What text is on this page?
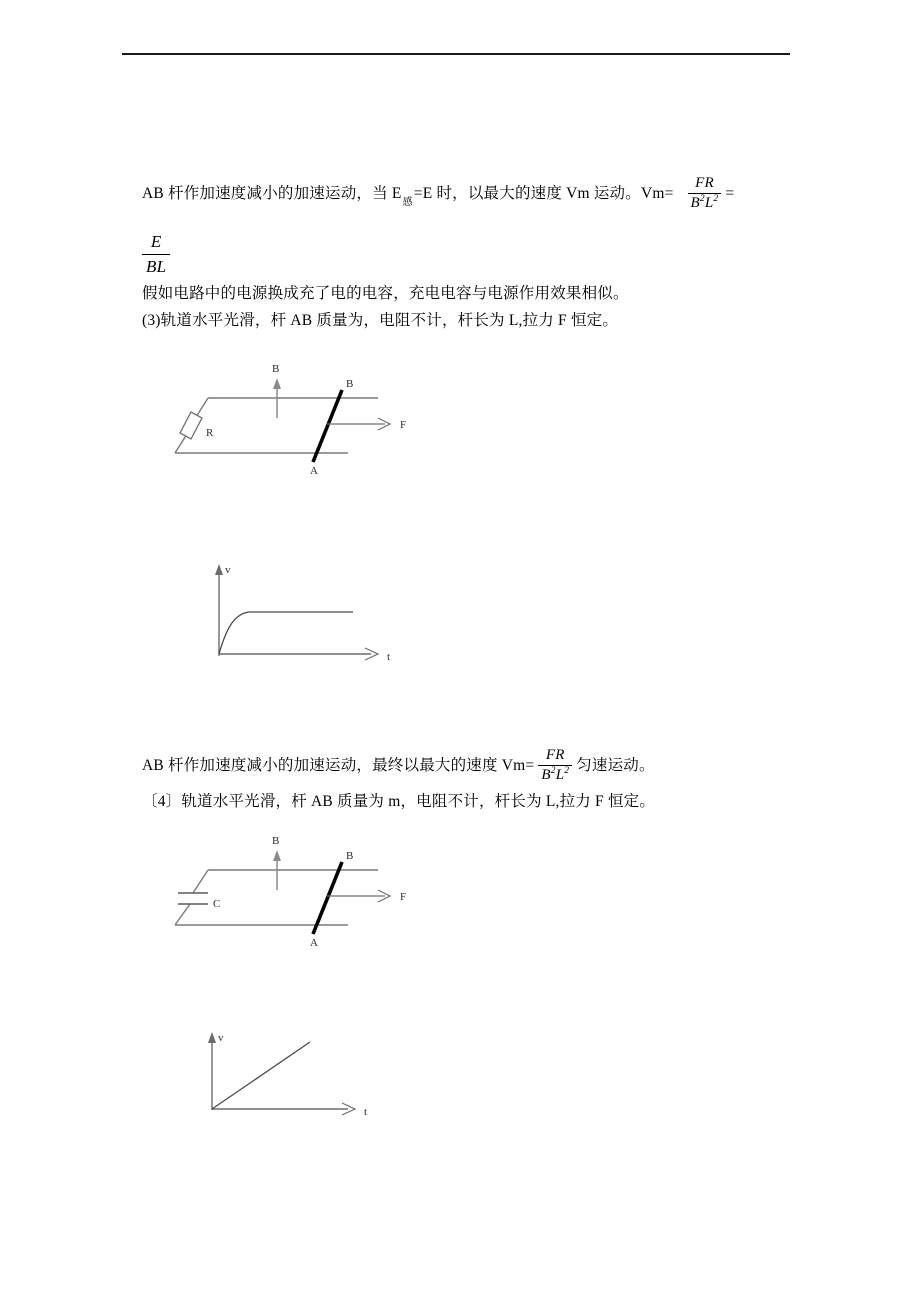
AB 杆作加速度减小的加速运动，当 $E_感=E$ 时，以最大的速度 Vm 运动。$Vm= \frac{FR}{B^2L^2}$ =
$\frac{E}{BL}$
假如电路中的电源换成充了电的电容，充电电容与电源作用效果相似。
(3)轨道水平光滑，杆 AB 质量为，电阻不计，杆长为 L,拉力 F 恒定。
R
B
B
A
F
v
t
AB 杆作加速度减小的加速运动，最终以最大的速度 $Vm= \frac{FR}{B^2L^2}$ 匀速运动。
〔4〕轨道水平光滑，杆 AB 质量为 m，电阻不计，杆长为 L,拉力 F 恒定。
C
B
B
A
F
v
t
